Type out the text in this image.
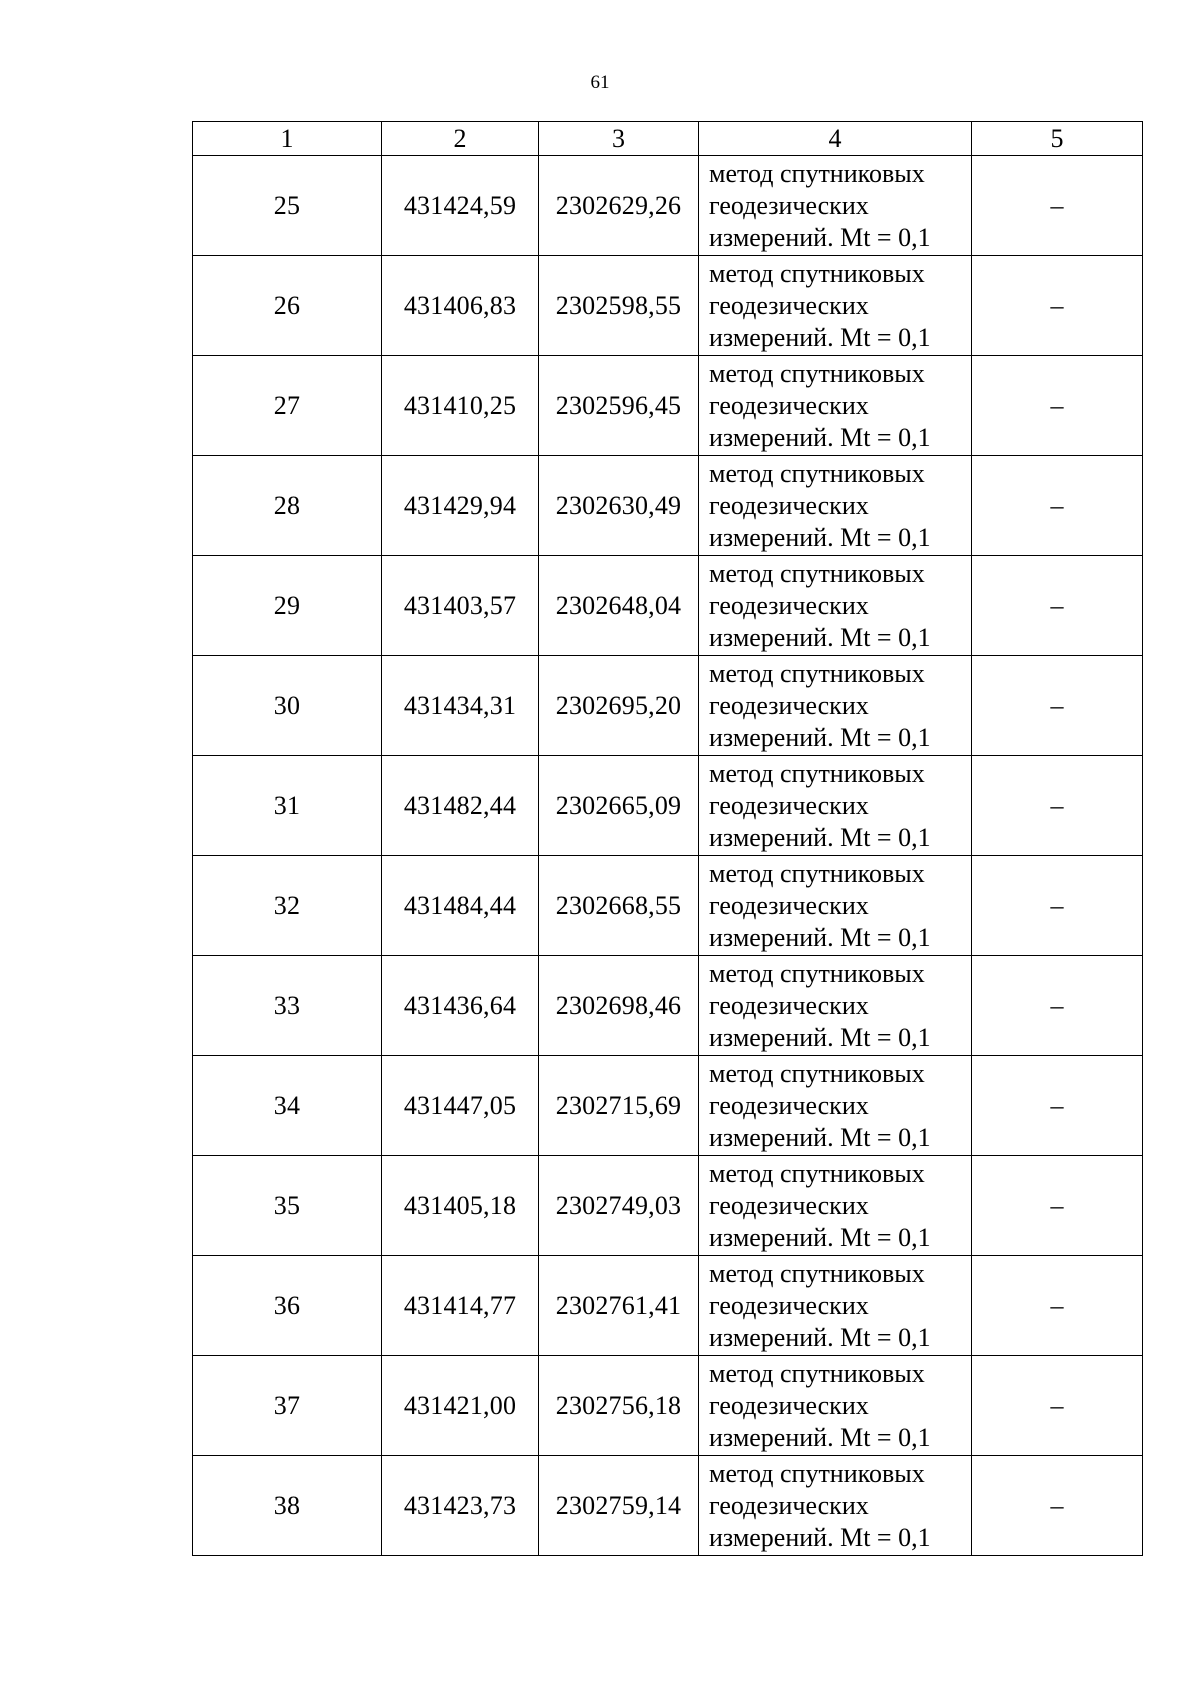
61
1	2	3	4	5
25	431424,59	2302629,26	метод спутниковых
геодезических
измерений. Mt = 0,1	–
26	431406,83	2302598,55	метод спутниковых
геодезических
измерений. Mt = 0,1	–
27	431410,25	2302596,45	метод спутниковых
геодезических
измерений. Mt = 0,1	–
28	431429,94	2302630,49	метод спутниковых
геодезических
измерений. Mt = 0,1	–
29	431403,57	2302648,04	метод спутниковых
геодезических
измерений. Mt = 0,1	–
30	431434,31	2302695,20	метод спутниковых
геодезических
измерений. Mt = 0,1	–
31	431482,44	2302665,09	метод спутниковых
геодезических
измерений. Mt = 0,1	–
32	431484,44	2302668,55	метод спутниковых
геодезических
измерений. Mt = 0,1	–
33	431436,64	2302698,46	метод спутниковых
геодезических
измерений. Mt = 0,1	–
34	431447,05	2302715,69	метод спутниковых
геодезических
измерений. Mt = 0,1	–
35	431405,18	2302749,03	метод спутниковых
геодезических
измерений. Mt = 0,1	–
36	431414,77	2302761,41	метод спутниковых
геодезических
измерений. Mt = 0,1	–
37	431421,00	2302756,18	метод спутниковых
геодезических
измерений. Mt = 0,1	–
38	431423,73	2302759,14	метод спутниковых
геодезических
измерений. Mt = 0,1	–
